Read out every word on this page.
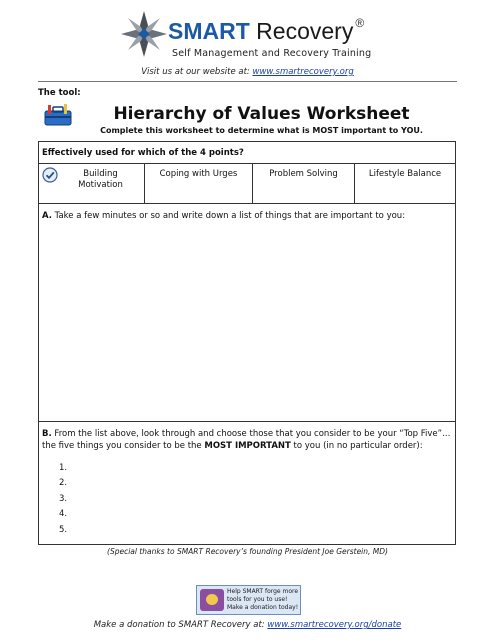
SMART Recovery ®
Self Management and Recovery Training
Visit us at our website at: www.smartrecovery.org
The tool:
Hierarchy of Values Worksheet
Complete this worksheet to determine what is MOST important to YOU.
Effectively used for which of the 4 points?
Building
Motivation
Coping with Urges	Problem Solving	Lifestyle Balance
A. Take a few minutes or so and write down a list of things that are important to you:
B. From the list above, look through and choose those that you consider to be your “Top Five”… the five things you consider to be the MOST IMPORTANT to you (in no particular order):
1.
2.
3.
4.
5.
(Special thanks to SMART Recovery’s founding President Joe Gerstein, MD)
Help SMART forge more
tools for you to use!
Make a donation today!
Make a donation to SMART Recovery at: www.smartrecovery.org/donate
